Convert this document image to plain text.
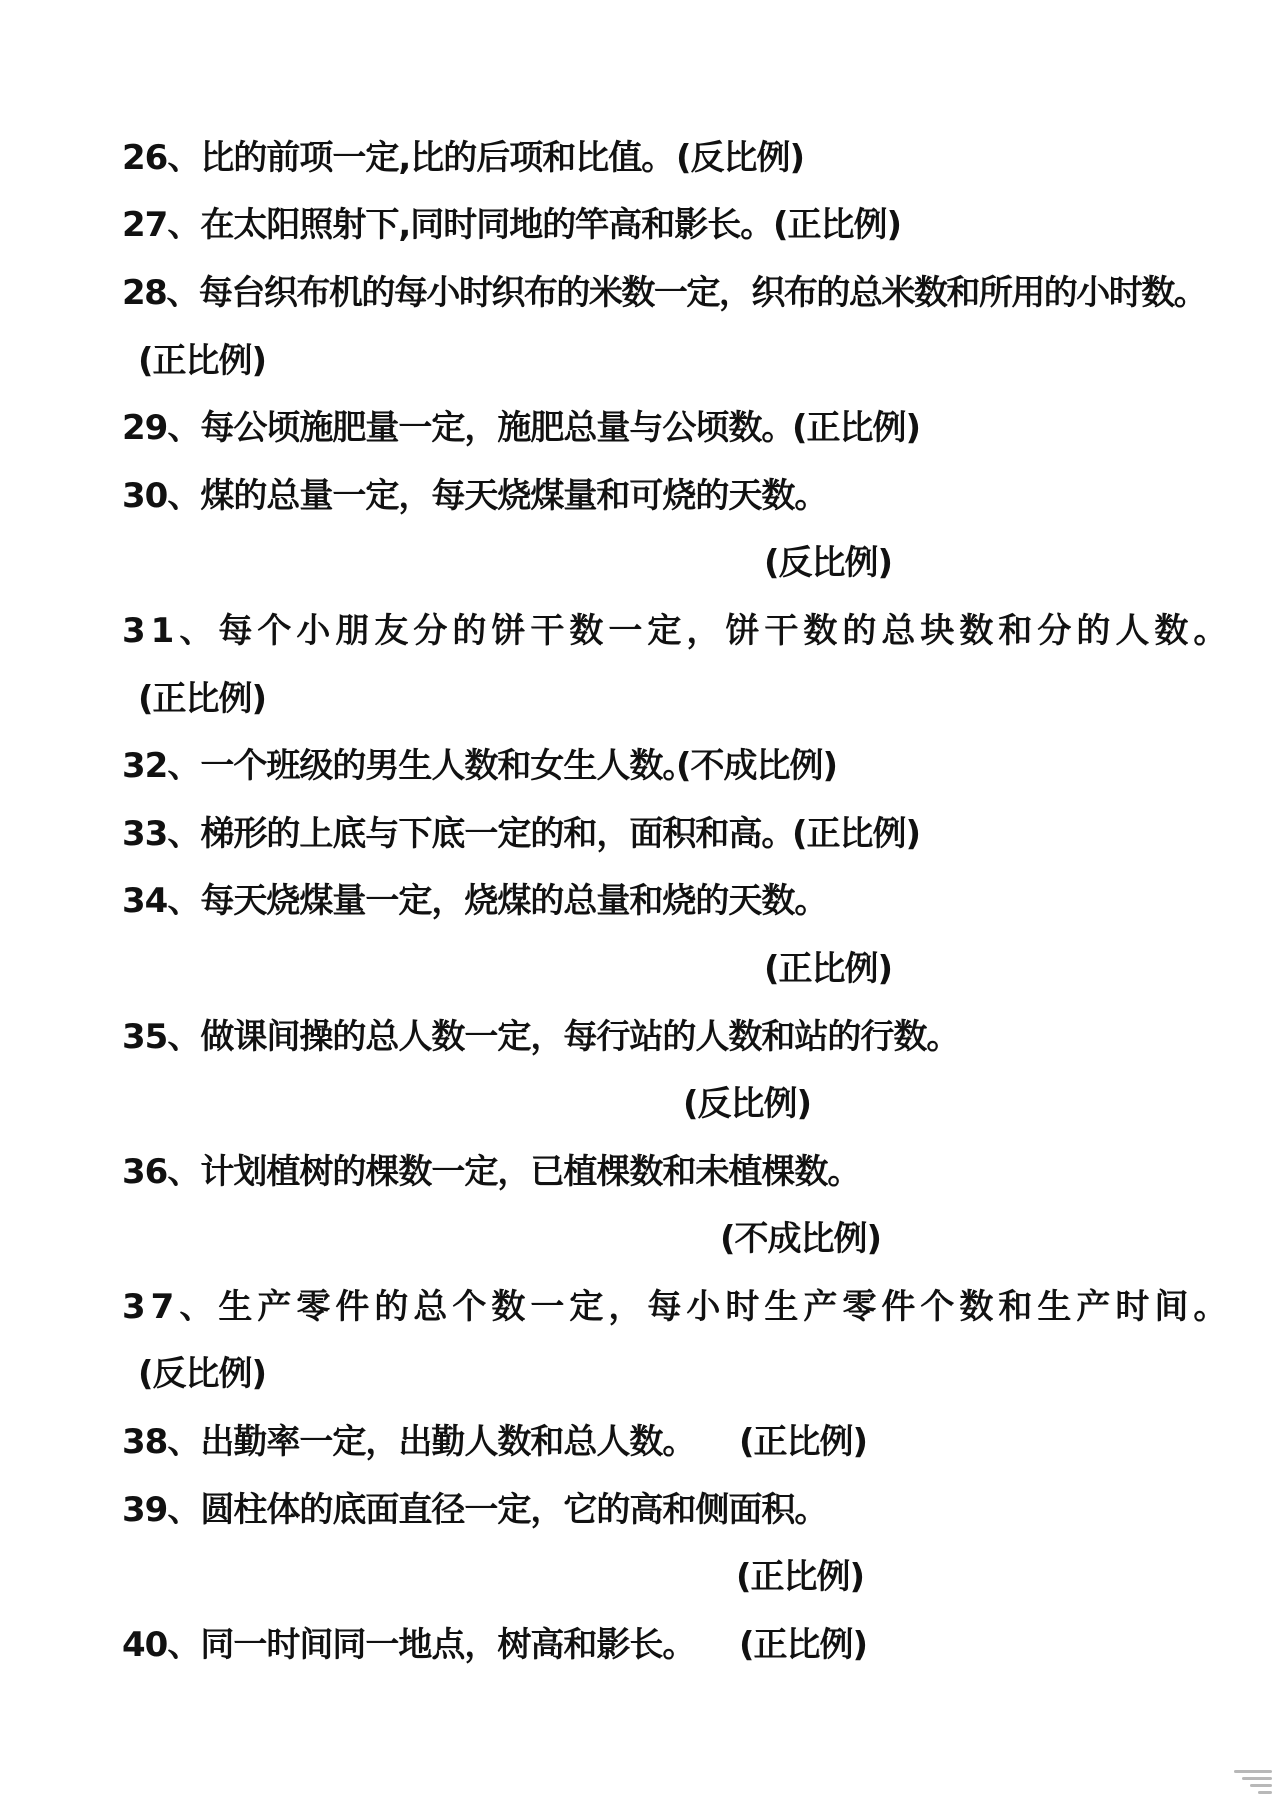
26、比的前项一定,比的后项和比值。 (反比例)
27、在太阳照射下,同时同地的竿高和影长。 (正比例)
28、每台织布机的每小时织布的米数一定，织布的总米数和所用的小时数。
(正比例)
29、每公顷施肥量一定，施肥总量与公顷数。
(正比例)
30、煤的总量一定，每天烧煤量和可烧的天数。
(反比例)
31、每个小朋友分的饼干数一定，饼干数的总块数和分的人数。
(正比例)
32、一个班级的男生人数和女生人数。
(不成比例)
33、梯形的上底与下底一定的和，面积和高。
(正比例)
34、每天烧煤量一定，烧煤的总量和烧的天数。
(正比例)
35、做课间操的总人数一定，每行站的人数和站的行数。
(反比例)
36、计划植树的棵数一定，已植棵数和未植棵数。
(不成比例)
37、生产零件的总个数一定，每小时生产零件个数和生产时间。
(反比例)
38、出勤率一定，出勤人数和总人数。 (正比例)
39、圆柱体的底面直径一定，它的高和侧面积。
(正比例)
40、同一时间同一地点，树高和影长。 (正比例)
